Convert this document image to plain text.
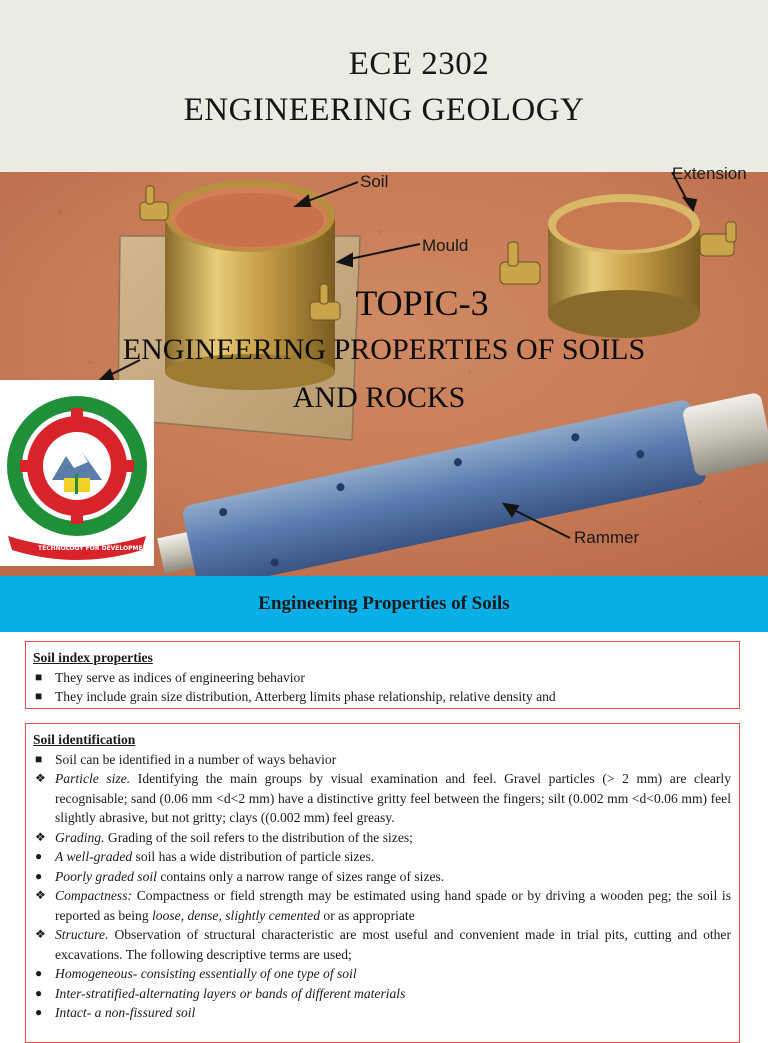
ECE 2302
ENGINEERING GEOLOGY
Soil
Mould
Extension
Rammer
TOPIC-3
ENGINEERING PROPERTIES OF SOILS
AND ROCKS
TECHNOLOGY FOR DEVELOPMENT
Engineering Properties of Soils
Soil index properties
■ They serve as indices of engineering behavior
■ They include grain size distribution, Atterberg limits phase relationship, relative density and
Soil identification
■ Soil can be identified in a number of ways behavior
❖ Particle size. Identifying the main groups by visual examination and feel. Gravel particles (> 2 mm) are clearly recognisable; sand (0.06 mm <d<2 mm) have a distinctive gritty feel between the fingers; silt (0.002 mm <d<0.06 mm) feel slightly abrasive, but not gritty; clays ((0.002 mm) feel greasy.
❖ Grading. Grading of the soil refers to the distribution of the sizes;
● A well-graded soil has a wide distribution of particle sizes.
● Poorly graded soil contains only a narrow range of sizes range of sizes.
❖ Compactness: Compactness or field strength may be estimated using hand spade or by driving a wooden peg; the soil is reported as being loose, dense, slightly cemented or as appropriate
❖ Structure. Observation of structural characteristic are most useful and convenient made in trial pits, cutting and other excavations. The following descriptive terms are used;
● Homogeneous- consisting essentially of one type of soil
● Inter-stratified-alternating layers or bands of different materials
● Intact- a non-fissured soil
